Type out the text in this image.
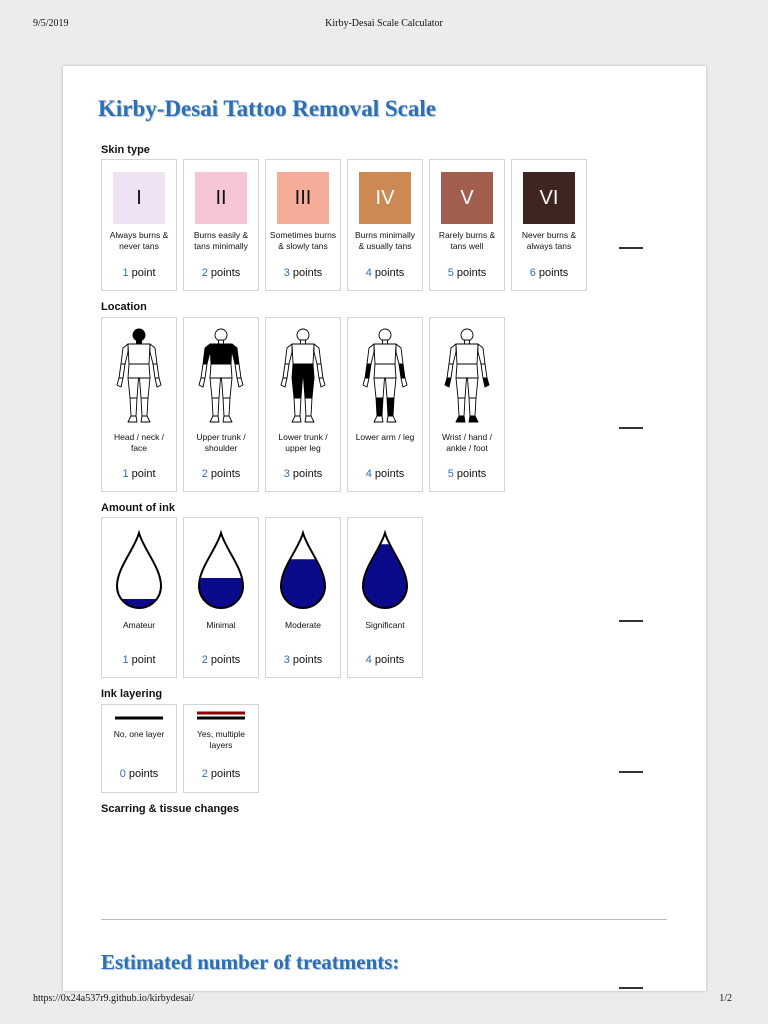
9/5/2019	Kirby-Desai Scale Calculator
Kirby-Desai Tattoo Removal Scale

Skin type

I
Always burns & never tans
1 point
II
Burns easily & tans minimally
2 points
III
Sometimes burns & slowly tans
3 points
IV
Burns minimally & usually tans
4 points
V
Rarely burns & tans well
5 points
VI
Never burns & always tans
6 points

Location

Head / neck / face
1 point
Upper trunk / shoulder
2 points
Lower trunk / upper leg
3 points
Lower arm / leg
4 points
Wrist / hand / ankle / foot
5 points

Amount of ink

Amateur
1 point
Minimal
2 points
Moderate
3 points
Significant
4 points

Ink layering

No, one layer
0 points
Yes, multiple layers
2 points

Scarring & tissue changes

Estimated number of treatments:
https://0x24a537r9.github.io/kirbydesai/	1/2
